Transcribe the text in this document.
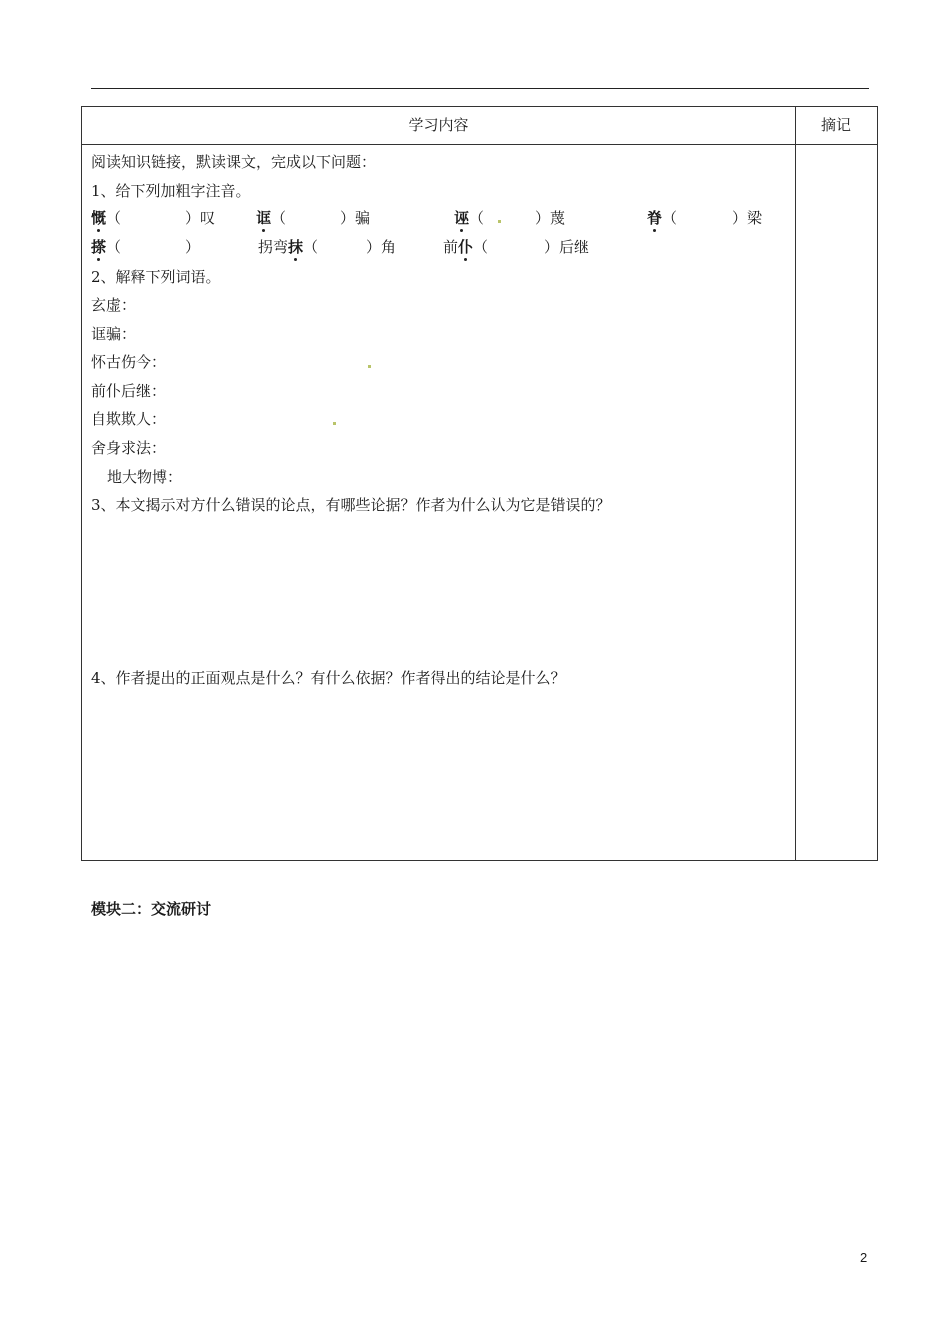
学习内容	摘记
阅读知识链接，默读课文，完成以下问题：
1、给下列加粗字注音。
慨（	）叹	诓（	）骗	诬（	）蔑	脊（	）梁
搽（	）	拐弯抹（	）角	前仆（	）后继
2、解释下列词语。
玄虚：
诓骗：
怀古伤今：
前仆后继：
自欺欺人：
舍身求法：
地大物博：
3、本文揭示对方什么错误的论点，有哪些论据？作者为什么认为它是错误的？
4、作者提出的正面观点是什么？有什么依据？作者得出的结论是什么？
模块二：交流研讨
2
